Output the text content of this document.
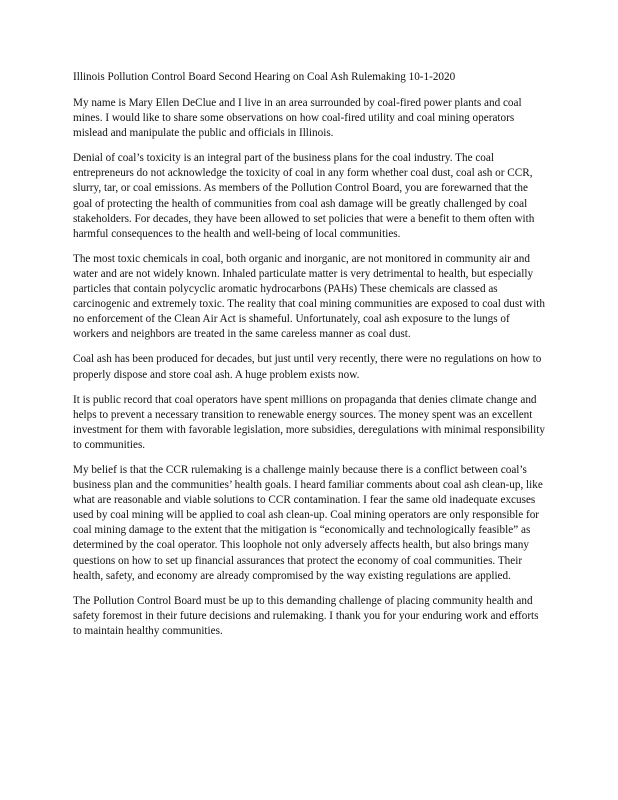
Illinois Pollution Control Board Second Hearing on Coal Ash Rulemaking 10-1-2020

My name is Mary Ellen DeClue and I live in an area surrounded by coal-fired power plants and coal mines. I would like to share some observations on how coal-fired utility and coal mining operators mislead and manipulate the public and officials in Illinois.

Denial of coal’s toxicity is an integral part of the business plans for the coal industry. The coal entrepreneurs do not acknowledge the toxicity of coal in any form whether coal dust, coal ash or CCR, slurry, tar, or coal emissions. As members of the Pollution Control Board, you are forewarned that the goal of protecting the health of communities from coal ash damage will be greatly challenged by coal stakeholders. For decades, they have been allowed to set policies that were a benefit to them often with harmful consequences to the health and well-being of local communities.

The most toxic chemicals in coal, both organic and inorganic, are not monitored in community air and water and are not widely known. Inhaled particulate matter is very detrimental to health, but especially particles that contain polycyclic aromatic hydrocarbons (PAHs) These chemicals are classed as carcinogenic and extremely toxic. The reality that coal mining communities are exposed to coal dust with no enforcement of the Clean Air Act is shameful. Unfortunately, coal ash exposure to the lungs of workers and neighbors are treated in the same careless manner as coal dust.

Coal ash has been produced for decades, but just until very recently, there were no regulations on how to properly dispose and store coal ash. A huge problem exists now.

It is public record that coal operators have spent millions on propaganda that denies climate change and helps to prevent a necessary transition to renewable energy sources. The money spent was an excellent investment for them with favorable legislation, more subsidies, deregulations with minimal responsibility to communities.

My belief is that the CCR rulemaking is a challenge mainly because there is a conflict between coal’s business plan and the communities’ health goals. I heard familiar comments about coal ash clean-up, like what are reasonable and viable solutions to CCR contamination. I fear the same old inadequate excuses used by coal mining will be applied to coal ash clean-up. Coal mining operators are only responsible for coal mining damage to the extent that the mitigation is “economically and technologically feasible” as determined by the coal operator. This loophole not only adversely affects health, but also brings many questions on how to set up financial assurances that protect the economy of coal communities. Their health, safety, and economy are already compromised by the way existing regulations are applied.

The Pollution Control Board must be up to this demanding challenge of placing community health and safety foremost in their future decisions and rulemaking. I thank you for your enduring work and efforts to maintain healthy communities.
